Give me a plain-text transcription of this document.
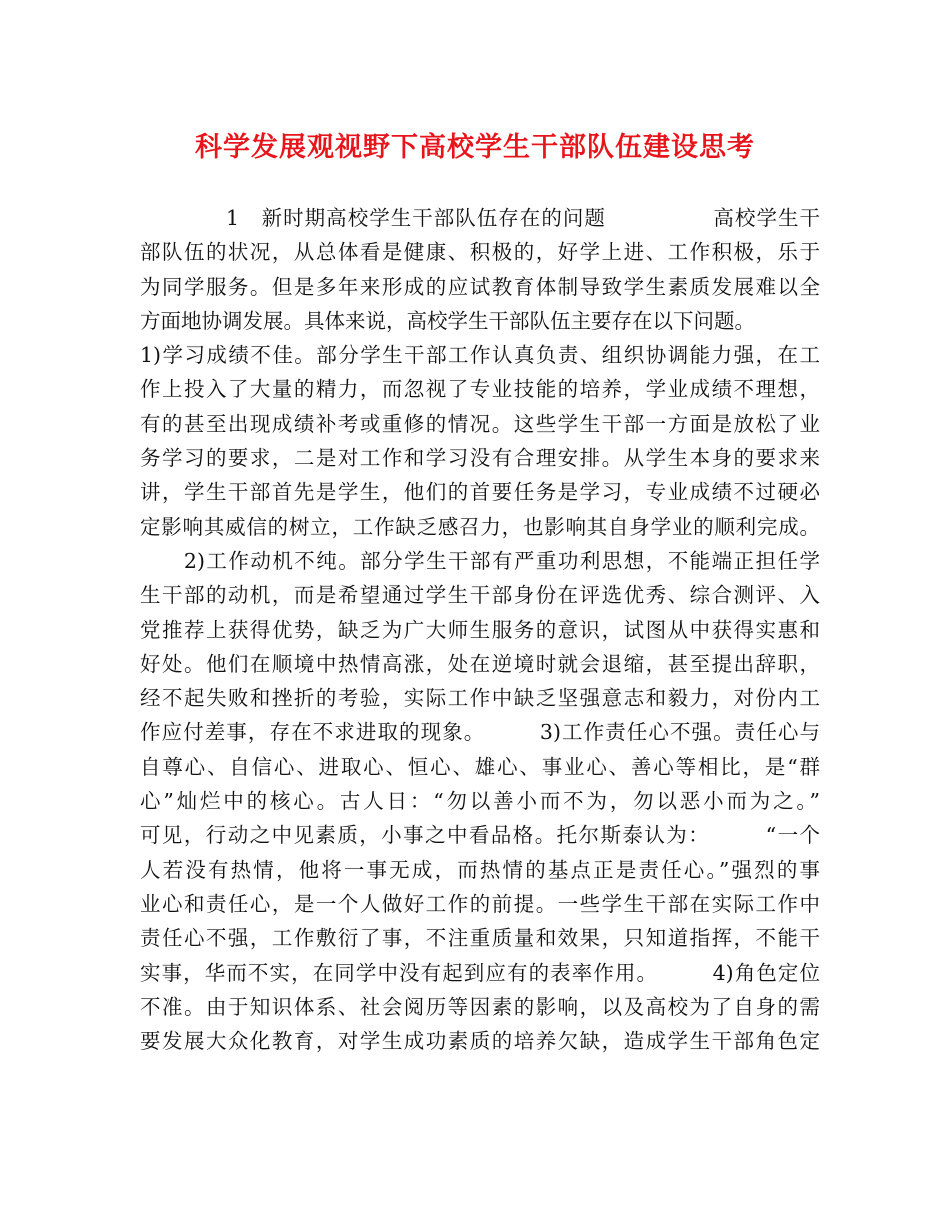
科学发展观视野下高校学生干部队伍建设思考
　　　　1　新时期高校学生干部队伍存在的问题　　　　　高校学生干
部队伍的状况，从总体看是健康、积极的，好学上进、工作积极，乐于
为同学服务。但是多年来形成的应试教育体制导致学生素质发展难以全
方面地协调发展。具体来说，高校学生干部队伍主要存在以下问题。
1)学习成绩不佳。部分学生干部工作认真负责、组织协调能力强，在工
作上投入了大量的精力，而忽视了专业技能的培养，学业成绩不理想，
有的甚至出现成绩补考或重修的情况。这些学生干部一方面是放松了业
务学习的要求，二是对工作和学习没有合理安排。从学生本身的要求来
讲，学生干部首先是学生，他们的首要任务是学习，专业成绩不过硬必
定影响其威信的树立，工作缺乏感召力，也影响其自身学业的顺利完成。
　　2)工作动机不纯。部分学生干部有严重功利思想，不能端正担任学
生干部的动机，而是希望通过学生干部身份在评选优秀、综合测评、入
党推荐上获得优势，缺乏为广大师生服务的意识，试图从中获得实惠和
好处。他们在顺境中热情高涨，处在逆境时就会退缩，甚至提出辞职，
经不起失败和挫折的考验，实际工作中缺乏坚强意志和毅力，对份内工
作应付差事，存在不求进取的现象。　　　3)工作责任心不强。责任心与
自尊心、自信心、进取心、恒心、雄心、事业心、善心等相比，是“群
心”灿烂中的核心。古人日：“勿以善小而不为，勿以恶小而为之。”
可见，行动之中见素质，小事之中看品格。托尔斯泰认为：　　　“一个
人若没有热情，他将一事无成，而热情的基点正是责任心。”强烈的事
业心和责任心，是一个人做好工作的前提。一些学生干部在实际工作中
责任心不强，工作敷衍了事，不注重质量和效果，只知道指挥，不能干
实事，华而不实，在同学中没有起到应有的表率作用。　　　4)角色定位
不准。由于知识体系、社会阅历等因素的影响，以及高校为了自身的需
要发展大众化教育，对学生成功素质的培养欠缺，造成学生干部角色定
